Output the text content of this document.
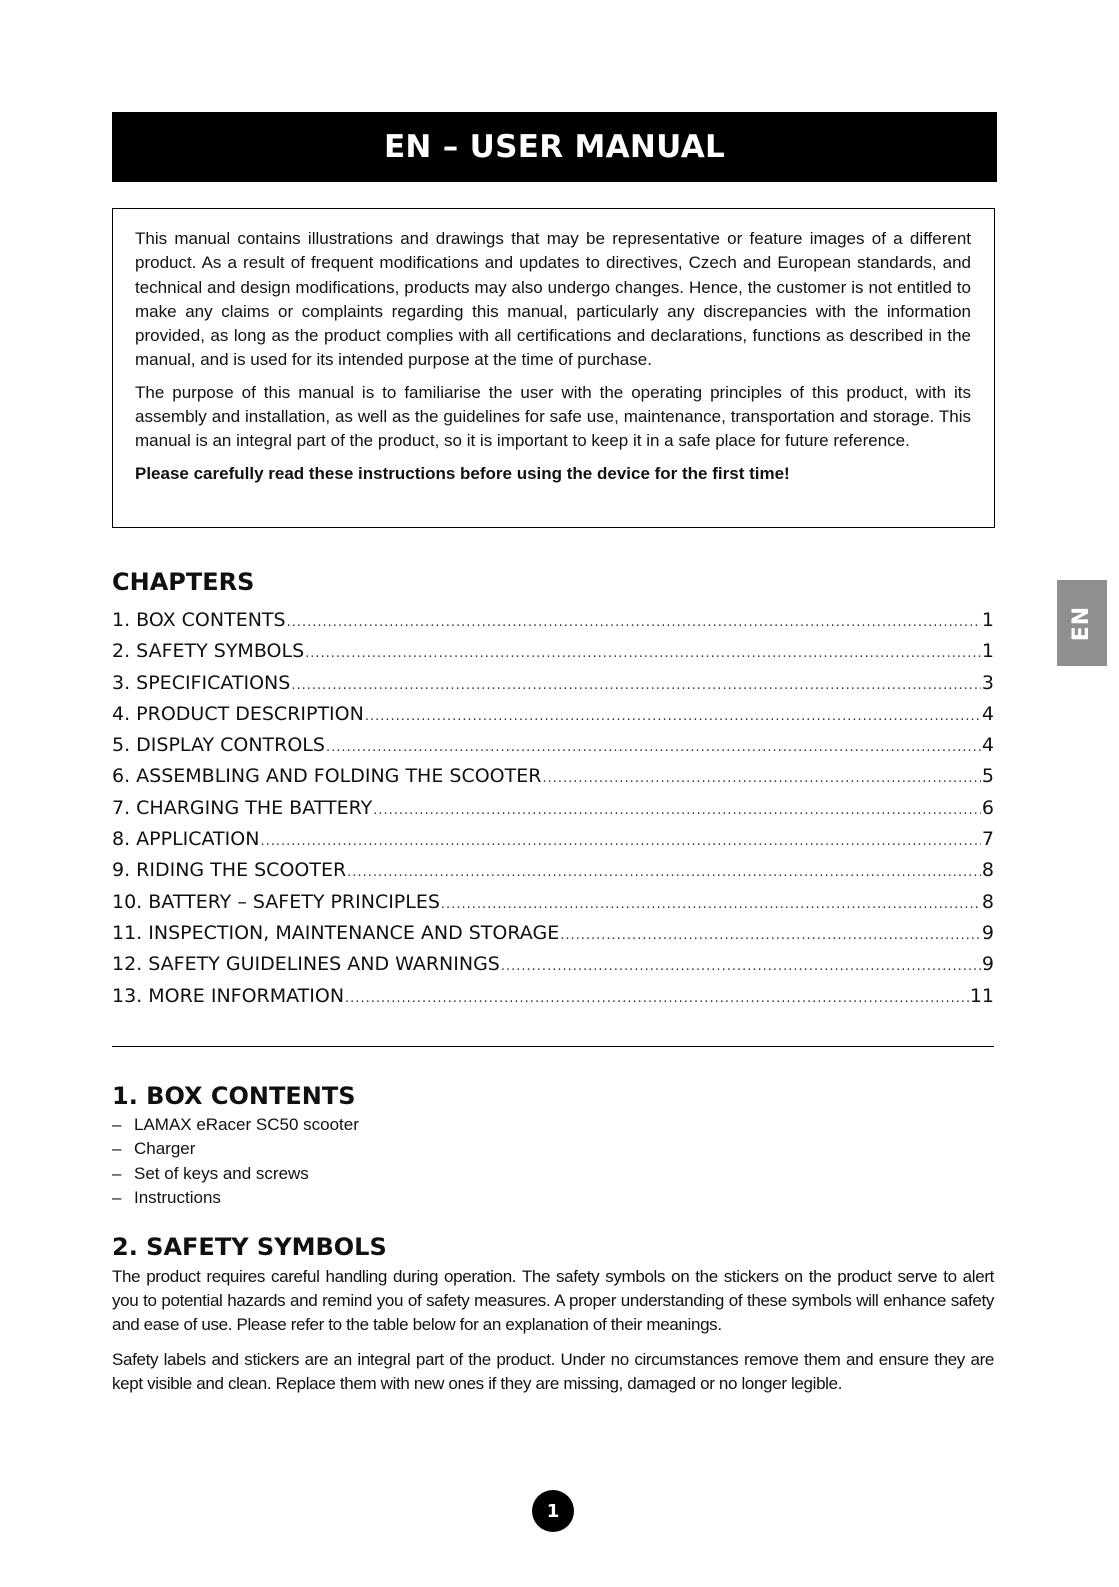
EN – USER MANUAL

This manual contains illustrations and drawings that may be representative or feature images of a different product. As a result of frequent modifications and updates to directives, Czech and European standards, and technical and design modifications, products may also undergo changes. Hence, the customer is not entitled to make any claims or complaints regarding this manual, particularly any discrepancies with the information provided, as long as the product complies with all certifications and declarations, functions as described in the manual, and is used for its intended purpose at the time of purchase.

The purpose of this manual is to familiarise the user with the operating principles of this product, with its assembly and installation, as well as the guidelines for safe use, maintenance, transportation and storage. This manual is an integral part of the product, so it is important to keep it in a safe place for future reference.

Please carefully read these instructions before using the device for the first time!

CHAPTERS
1. BOX CONTENTS .....	1
2. SAFETY SYMBOLS .....	1
3. SPECIFICATIONS .....	3
4. PRODUCT DESCRIPTION .....	4
5. DISPLAY CONTROLS .....	4
6. ASSEMBLING AND FOLDING THE SCOOTER .....	5
7. CHARGING THE BATTERY .....	6
8. APPLICATION .....	7
9. RIDING THE SCOOTER .....	8
10. BATTERY – SAFETY PRINCIPLES .....	8
11. INSPECTION, MAINTENANCE AND STORAGE .....	9
12. SAFETY GUIDELINES AND WARNINGS .....	9
13. MORE INFORMATION .....	11
1. BOX CONTENTS
– LAMAX eRacer SC50 scooter
– Charger
– Set of keys and screws
– Instructions
2. SAFETY SYMBOLS

The product requires careful handling during operation. The safety symbols on the stickers on the product serve to alert you to potential hazards and remind you of safety measures. A proper understanding of these symbols will enhance safety and ease of use. Please refer to the table below for an explanation of their meanings.

Safety labels and stickers are an integral part of the product. Under no circumstances remove them and ensure they are kept visible and clean. Replace them with new ones if they are missing, damaged or no longer legible.

EN
1
